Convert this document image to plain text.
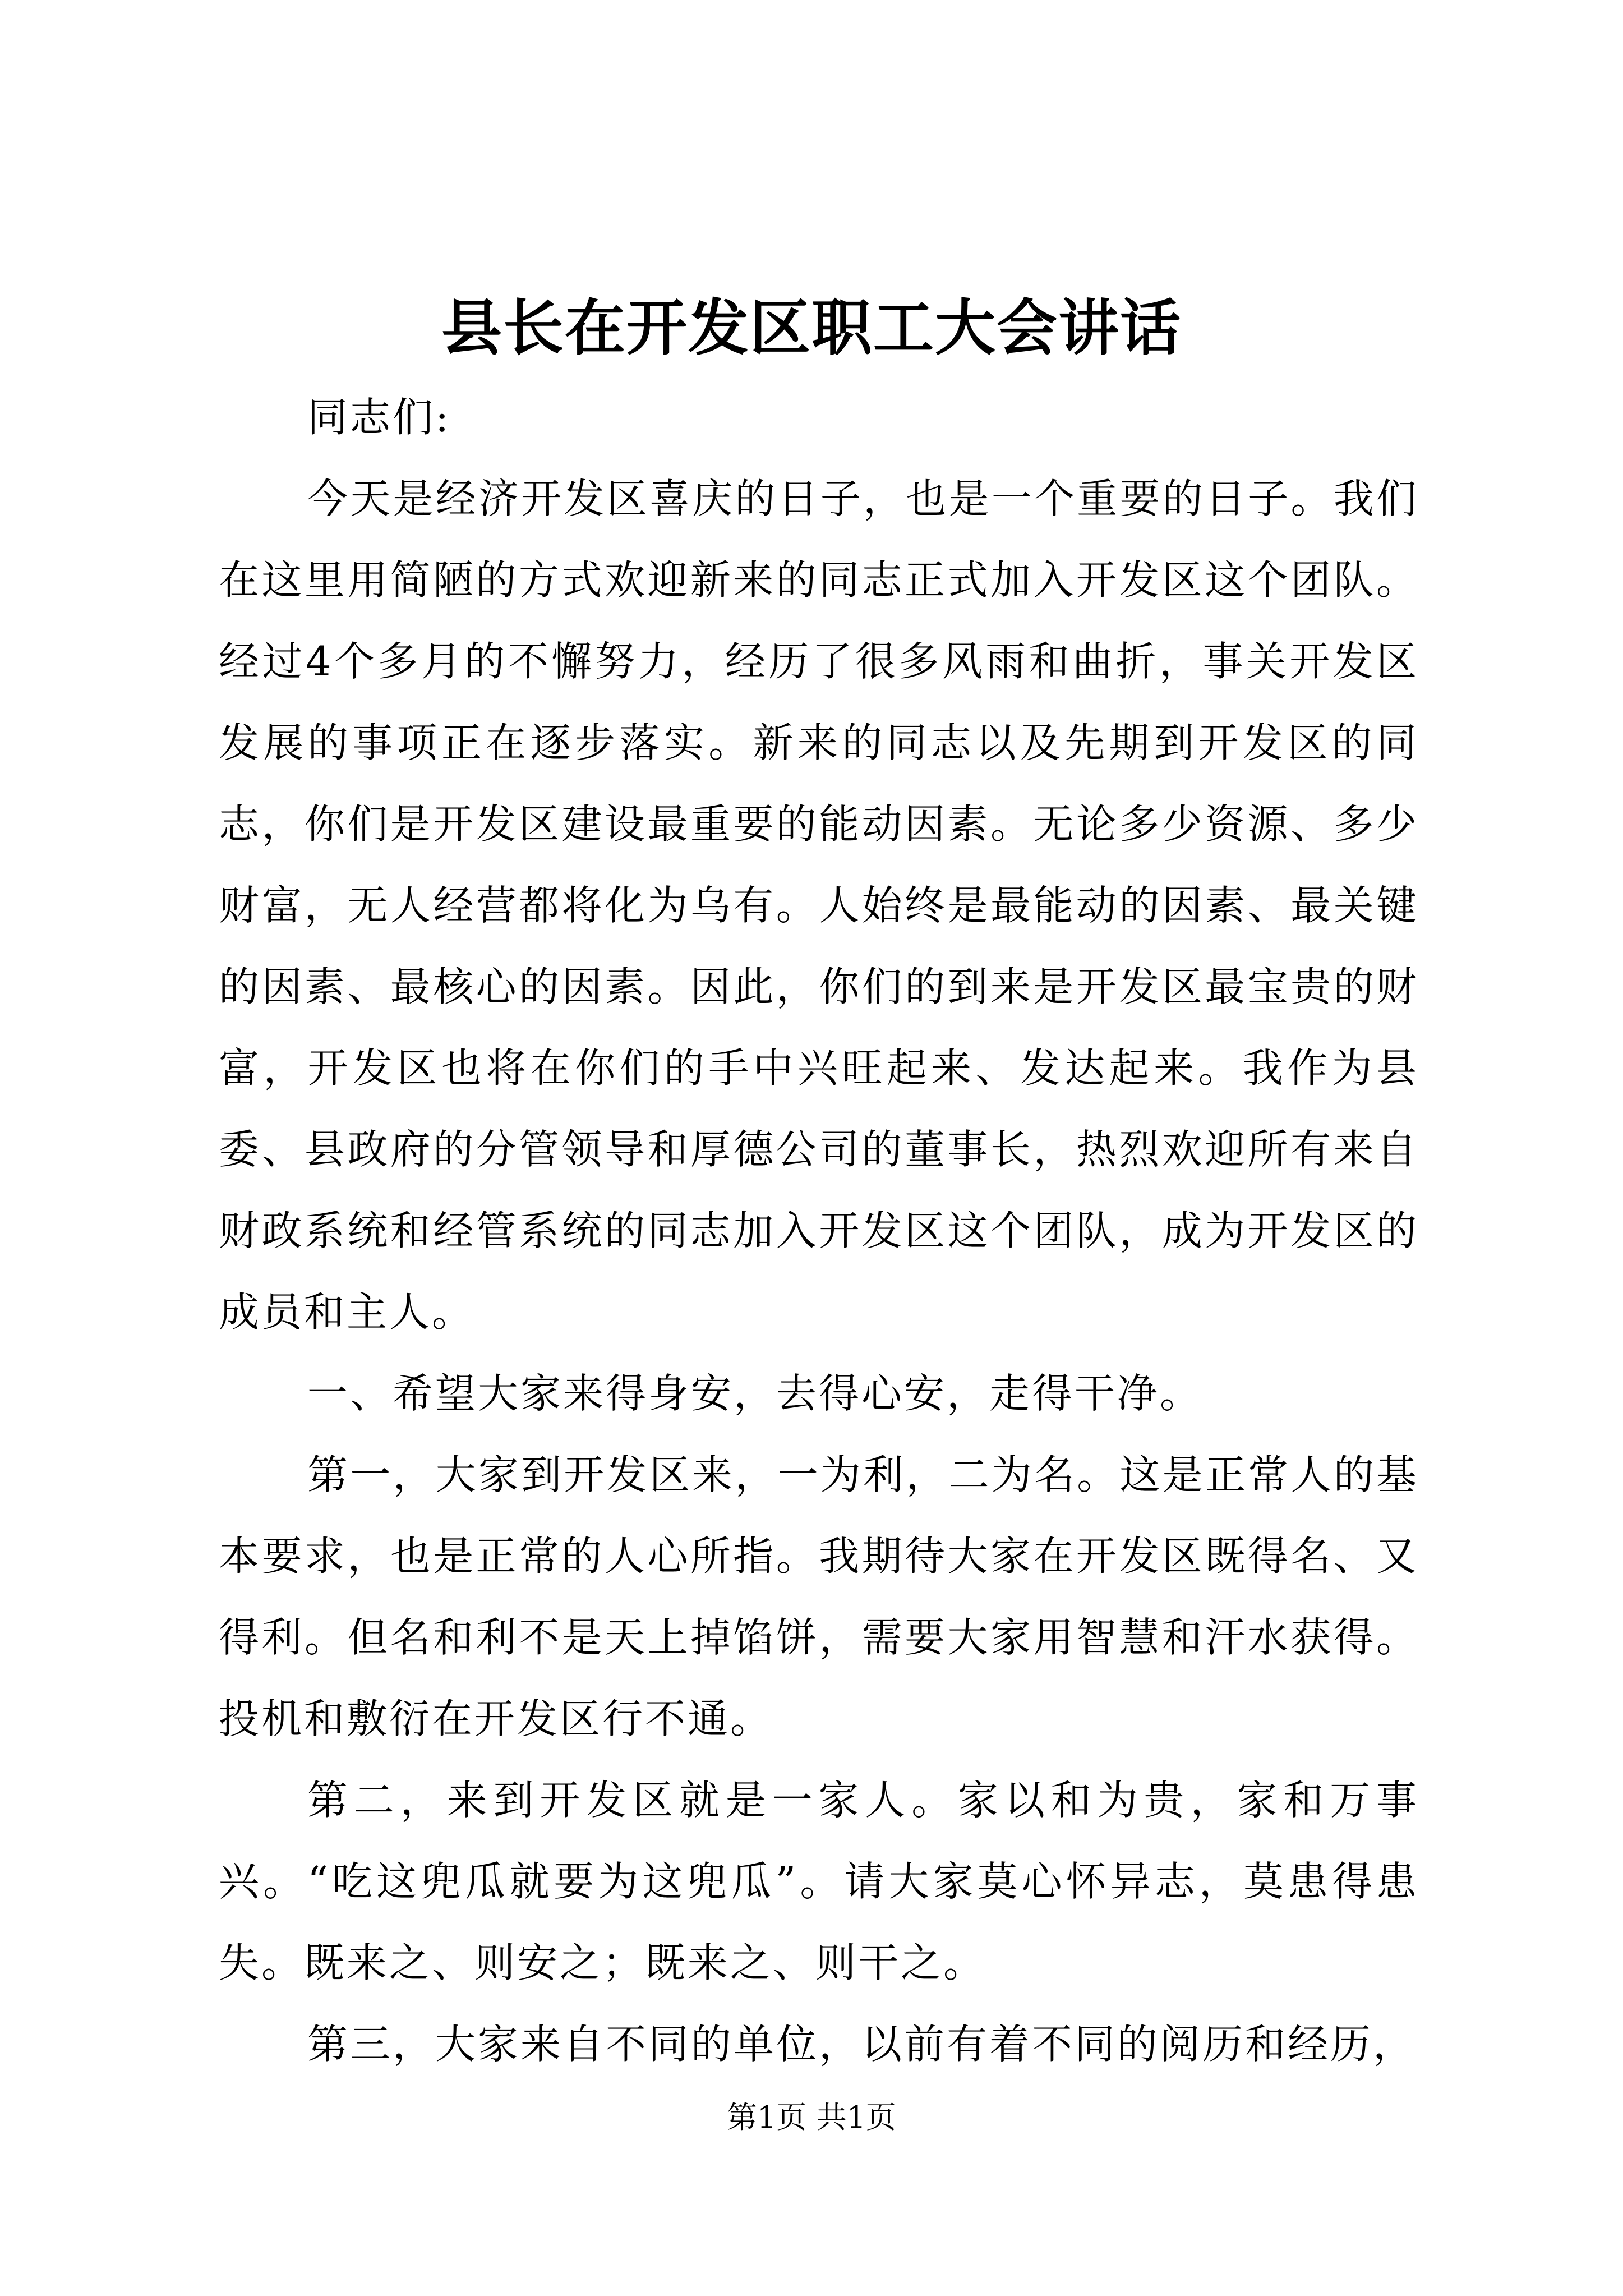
县长在开发区职工大会讲话

同志们:

今天是经济开发区喜庆的日子，也是一个重要的日子。我们在这里用简陋的方式欢迎新来的同志正式加入开发区这个团队。经过4个多月的不懈努力，经历了很多风雨和曲折，事关开发区发展的事项正在逐步落实。新来的同志以及先期到开发区的同志，你们是开发区建设最重要的能动因素。无论多少资源、多少财富，无人经营都将化为乌有。人始终是最能动的因素、最关键的因素、最核心的因素。因此，你们的到来是开发区最宝贵的财富，开发区也将在你们的手中兴旺起来、发达起来。我作为县委、县政府的分管领导和厚德公司的董事长，热烈欢迎所有来自财政系统和经管系统的同志加入开发区这个团队，成为开发区的成员和主人。

一、希望大家来得身安，去得心安，走得干净。

第一，大家到开发区来，一为利，二为名。这是正常人的基本要求，也是正常的人心所指。我期待大家在开发区既得名、又得利。但名和利不是天上掉馅饼，需要大家用智慧和汗水获得。投机和敷衍在开发区行不通。

第二，来到开发区就是一家人。家以和为贵，家和万事兴。“吃这兜瓜就要为这兜瓜”。请大家莫心怀异志，莫患得患失。既来之、则安之；既来之、则干之。

第三，大家来自不同的单位，以前有着不同的阅历和经历，

第1页 共1页
